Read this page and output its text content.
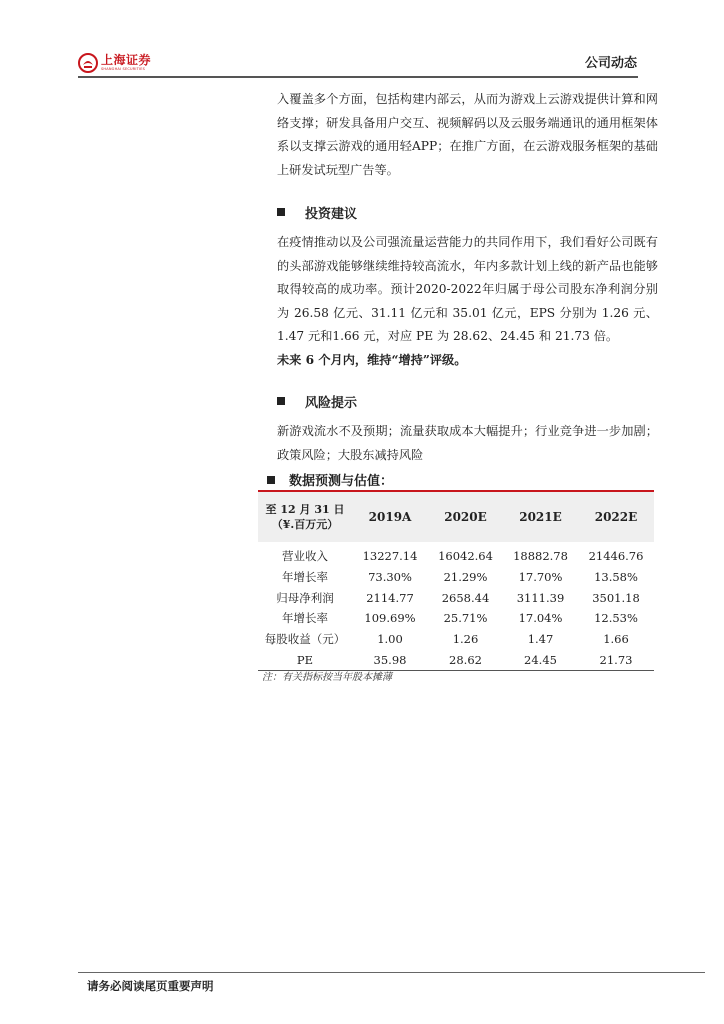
上海证券
SHANGHAI SECURITIES	公司动态

入覆盖多个方面，包括构建内部云，从而为游戏上云游戏提供计算和网络支撑；研发具备用户交互、视频解码以及云服务端通讯的通用框架体系以支撑云游戏的通用轻APP；在推广方面，在云游戏服务框架的基础上研发试玩型广告等。

投资建议

在疫情推动以及公司强流量运营能力的共同作用下，我们看好公司既有的头部游戏能够继续维持较高流水，年内多款计划上线的新产品也能够取得较高的成功率。预计2020-2022年归属于母公司股东净利润分别为 26.58 亿元、31.11 亿元和 35.01 亿元，EPS 分别为 1.26 元、1.47 元和1.66 元，对应 PE 为 28.62、24.45 和 21.73 倍。
未来 6 个月内，维持“增持”评级。

风险提示

新游戏流水不及预期；流量获取成本大幅提升；行业竞争进一步加剧；政策风险；大股东减持风险

数据预测与估值：
至 12 月 31 日
（¥.百万元）	2019A	2020E	2021E	2022E
营业收入	13227.14	16042.64	18882.78	21446.76
年增长率	73.30%	21.29%	17.70%	13.58%
归母净利润	2114.77	2658.44	3111.39	3501.18
年增长率	109.69%	25.71%	17.04%	12.53%
每股收益（元）	1.00	1.26	1.47	1.66
PE	35.98	28.62	24.45	21.73
注：有关指标按当年股本摊薄
请务必阅读尾页重要声明
